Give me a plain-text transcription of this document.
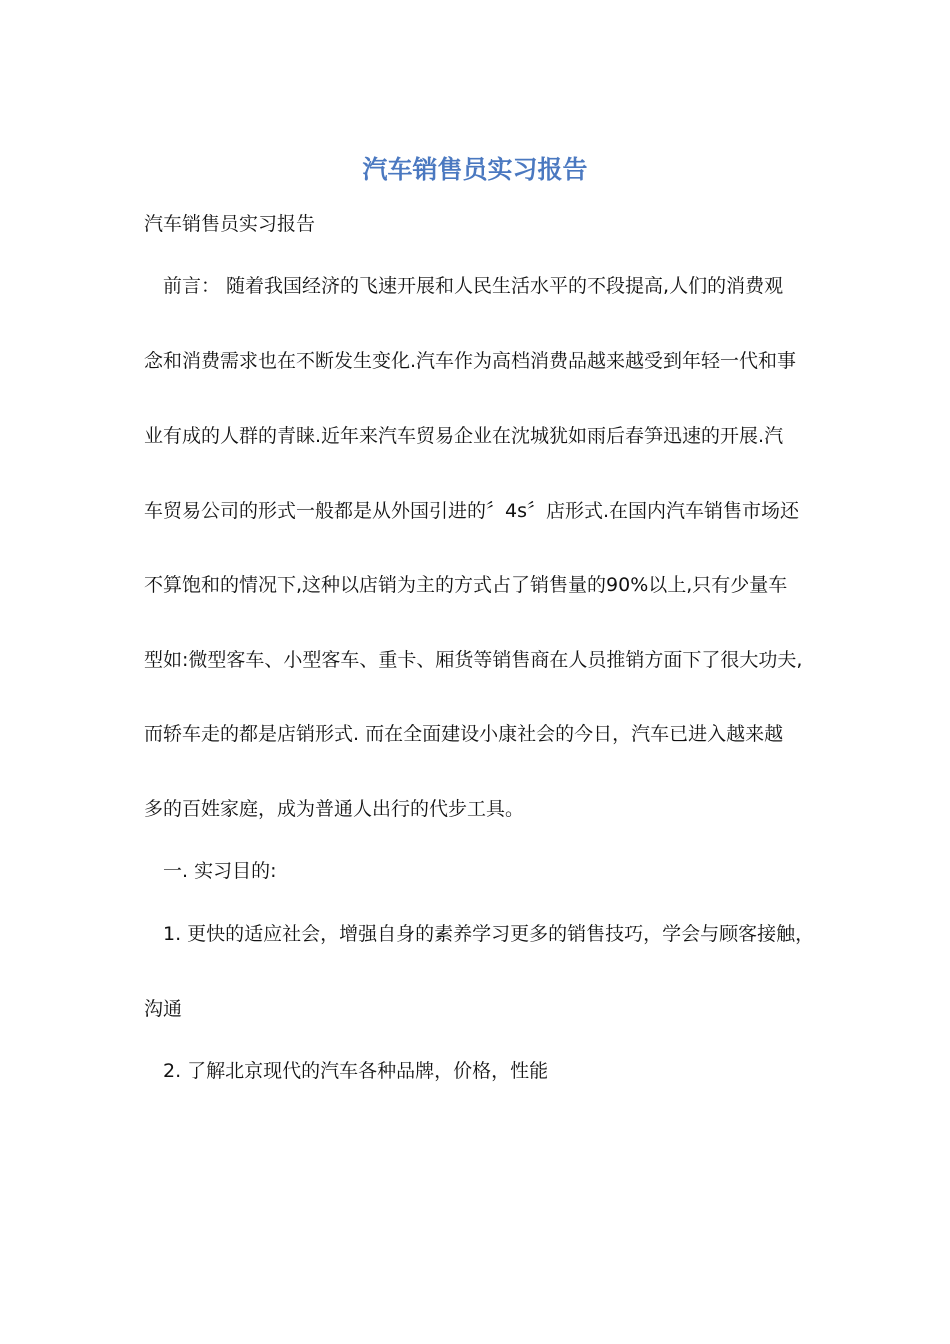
汽车销售员实习报告

汽车销售员实习报告

前言： 随着我国经济的飞速开展和人民生活水平的不段提高,人们的消费观

念和消费需求也在不断发生变化.汽车作为高档消费品越来越受到年轻一代和事

业有成的人群的青睐.近年来汽车贸易企业在沈城犹如雨后春笋迅速的开展.汽

车贸易公司的形式一般都是从外国引进的〞4s〞店形式.在国内汽车销售市场还

不算饱和的情况下,这种以店销为主的方式占了销售量的90%以上,只有少量车

型如:微型客车、小型客车、重卡、厢货等销售商在人员推销方面下了很大功夫,

而轿车走的都是店销形式. 而在全面建设小康社会的今日，汽车已进入越来越

多的百姓家庭，成为普通人出行的代步工具。

一. 实习目的:

1. 更快的适应社会，增强自身的素养学习更多的销售技巧，学会与顾客接触，

沟通

2. 了解北京现代的汽车各种品牌，价格，性能
